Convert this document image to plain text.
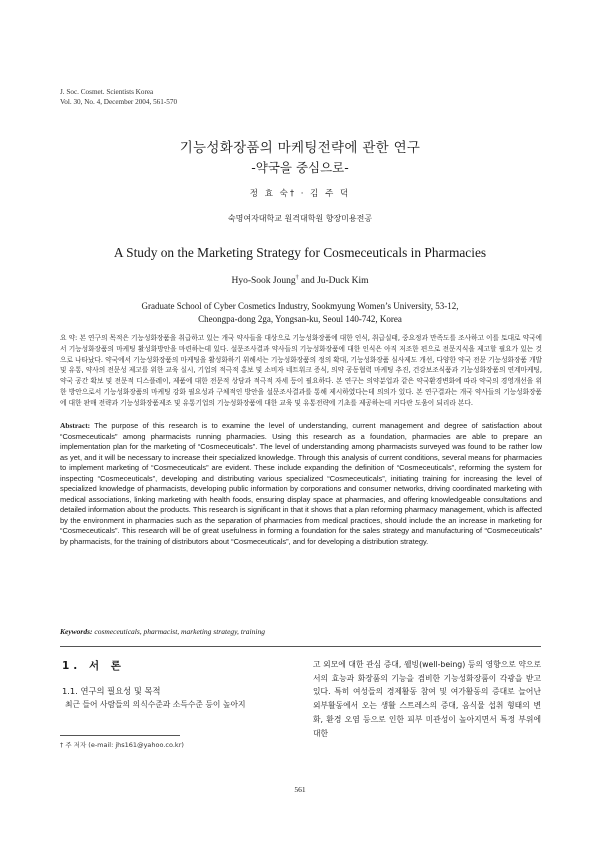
J. Soc. Cosmet. Scientists Korea
Vol. 30, No. 4, December 2004, 561-570
기능성화장품의 마케팅전략에 관한 연구
-약국을 중심으로-
정 효 숙† · 김 주 덕
숙명여자대학교 원격대학원 향장미용전공
A Study on the Marketing Strategy for Cosmeceuticals in Pharmacies
Hyo-Sook Joung† and Ju-Duck Kim
Graduate School of Cyber Cosmetics Industry, Sookmyung Women’s University, 53-12,
Cheongpa-dong 2ga, Yongsan-ku, Seoul 140-742, Korea
요 약: 본 연구의 목적은 기능성화장품을 취급하고 있는 개국 약사들을 대상으로 기능성화장품에 대한 인식, 취급실태, 중요정과 만족도를 조사하고 이를 토대로 약국에서 기능성화장품의 마케팅 활성화방안을 마련하는데 있다. 설문조사결과 약사들의 기능성화장품에 대한 인식은 아직 저조한 편으로 전문지식을 제고할 필요가 있는 것으로 나타났다. 약국에서 기능성화장품의 마케팅을 활성화하기 위해서는 기능성화장품의 정의 확대, 기능성화장품 심사제도 개선, 다양한 약국 전문 기능성화장품 개발 및 유통, 약사의 전문성 제고를 위한 교육 실시, 기업의 적극적 홍보 및 소비자 네트워크 증식, 의약 공동협력 마케팅 추진, 건강보조식품과 기능성화장품의 연계마케팅, 약국 공간 확보 및 전문적 디스플레이, 제품에 대한 전문적 상담과 적극적 자세 등이 필요하다. 본 연구는 의약분업과 같은 약국환경변화에 따라 약국의 경영개선을 위한 방안으로서 기능성화장품의 마케팅 강화 필요성과 구체적인 방안을 설문조사결과를 통해 제시하였다는데 의의가 있다. 본 연구결과는 개국 약사들의 기능성화장품에 대한 판매 전략과 기능성화장품제조 및 유통기업의 기능성화장품에 대한 교육 및 유통전략에 기초를 제공하는데 커다란 도움이 되리라 본다.
Abstract: The purpose of this research is to examine the level of understanding, current management and degree of satisfaction about “Cosmeceuticals” among pharmacists running pharmacies. Using this research as a foundation, pharmacies are able to prepare an implementation plan for the marketing of “Cosmeceuticals”. The level of understanding among pharmacists surveyed was found to be rather low as yet, and it will be necessary to increase their specialized knowledge. Through this analysis of current conditions, several means for pharmacies to implement marketing of “Cosmeceuticals” are evident. These include expanding the definition of “Cosmeceuticals”, reforming the system for inspecting “Cosmeceuticals”, developing and distributing various specialized “Cosmeceuticals”, initiating training for increasing the level of specialized knowledge of pharmacists, developing public information by corporations and consumer networks, driving coordinated marketing with medical associations, linking marketing with health foods, ensuring display space at pharmacies, and offering knowledgeable consultations and detailed information about the products. This research is significant in that it shows that a plan reforming pharmacy management, which is affected by the environment in pharmacies such as the separation of pharmacies from medical practices, should include the an increase in marketing for “Cosmeceuticals”. This research will be of great usefulness in forming a foundation for the sales strategy and manufacturing of “Cosmeceuticals” by pharmacists, for the training of distributors about “Cosmeceuticals”, and for developing a distribution strategy.
Keywords: cosmeceuticals, pharmacist, marketing strategy, training
1. 서 론
1.1. 연구의 필요성 및 목적
최근 들어 사람들의 의식수준과 소득수준 등이 높아지
고 외모에 대한 관심 증대, 웰빙(well-being) 등의 영향으로 약으로서의 효능과 화장품의 기능을 겸비한 기능성화장품이 각광을 받고 있다. 특히 여성들의 경제활동 참여 및 여가활동의 증대로 늘어난 외부활동에서 오는 생활 스트레스의 증대, 음식물 섭취 형태의 변화, 환경 오염 등으로 인한 피부 미관성이 높아지면서 특정 부위에 대한
† 주 저자 (e-mail: jhs161@yahoo.co.kr)
561
